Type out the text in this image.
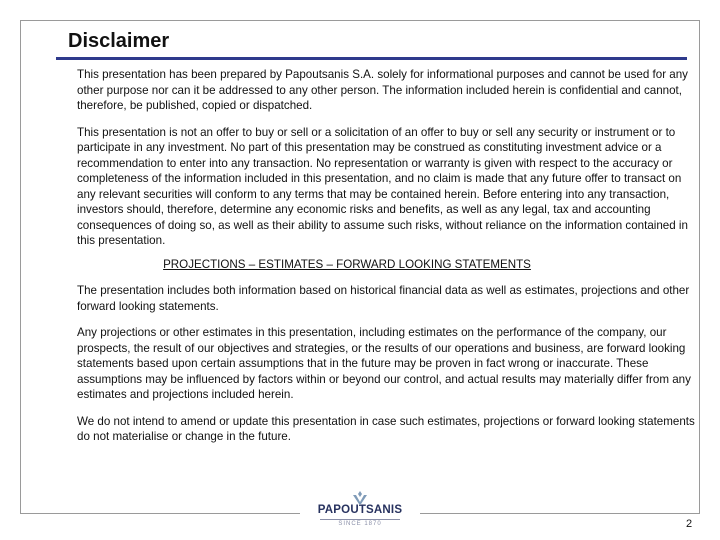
Disclaimer

This presentation has been prepared by Papoutsanis S.A. solely for informational purposes and cannot be used for any other purpose nor can it be addressed to any other person. The information included herein is confidential and cannot, therefore, be published, copied or dispatched.

This presentation is not an offer to buy or sell or a solicitation of an offer to buy or sell any security or instrument or to participate in any investment. No part of this presentation may be construed as constituting investment advice or a recommendation to enter into any transaction. No representation or warranty is given with respect to the accuracy or completeness of the information included in this presentation, and no claim is made that any future offer to transact on any relevant securities will conform to any terms that may be contained herein. Before entering into any transaction, investors should, therefore, determine any economic risks and benefits, as well as any legal, tax and accounting consequences of doing so, as well as their ability to assume such risks, without reliance on the information contained in this presentation.

PROJECTIONS – ESTIMATES – FORWARD LOOKING STATEMENTS

The presentation includes both information based on historical financial data as well as estimates, projections and other forward looking statements.

Any projections or other estimates in this presentation, including estimates on the performance of the company, our prospects, the result of our objectives and strategies, or the results of our operations and business, are forward looking statements based upon certain assumptions that in the future may be proven in fact wrong or inaccurate. These assumptions may be influenced by factors within or beyond our control, and actual results may materially differ from any estimates and projections included herein.

We do not intend to amend or update this presentation in case such estimates, projections or forward looking statements do not materialise or change in the future.

PAPOUTSANIS
SINCE 1870	2
